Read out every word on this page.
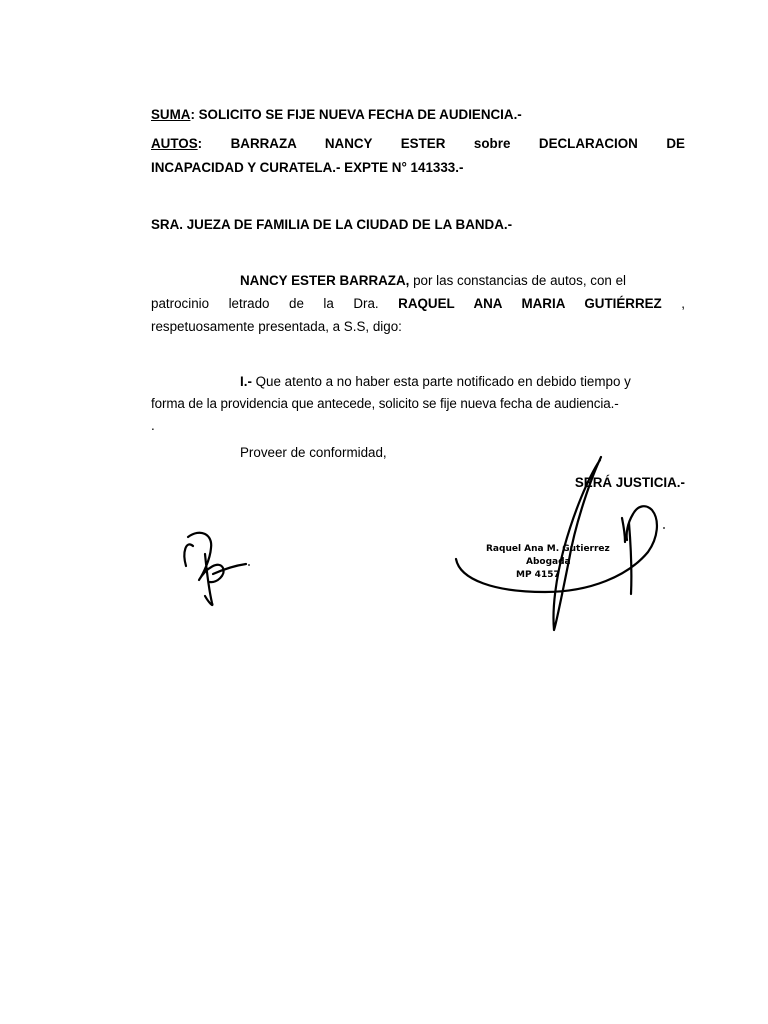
SUMA: SOLICITO SE FIJE NUEVA FECHA DE AUDIENCIA.-
AUTOS: BARRAZA NANCY ESTER sobre DECLARACION DE
INCAPACIDAD Y CURATELA.- EXPTE N° 141333.-
SRA. JUEZA DE FAMILIA DE LA CIUDAD DE LA BANDA.-
NANCY ESTER BARRAZA, por las constancias de autos, con el
patrocinio letrado de la Dra. RAQUEL ANA MARIA GUTIÉRREZ ,
respetuosamente presentada, a S.S, digo:
I.- Que atento a no haber esta parte notificado en debido tiempo y
forma de la providencia que antecede, solicito se fije nueva fecha de audiencia.-
.
Proveer de conformidad,
SERÁ JUSTICIA.-
Raquel Ana M. Gutierrez
Abogada
MP 4157
